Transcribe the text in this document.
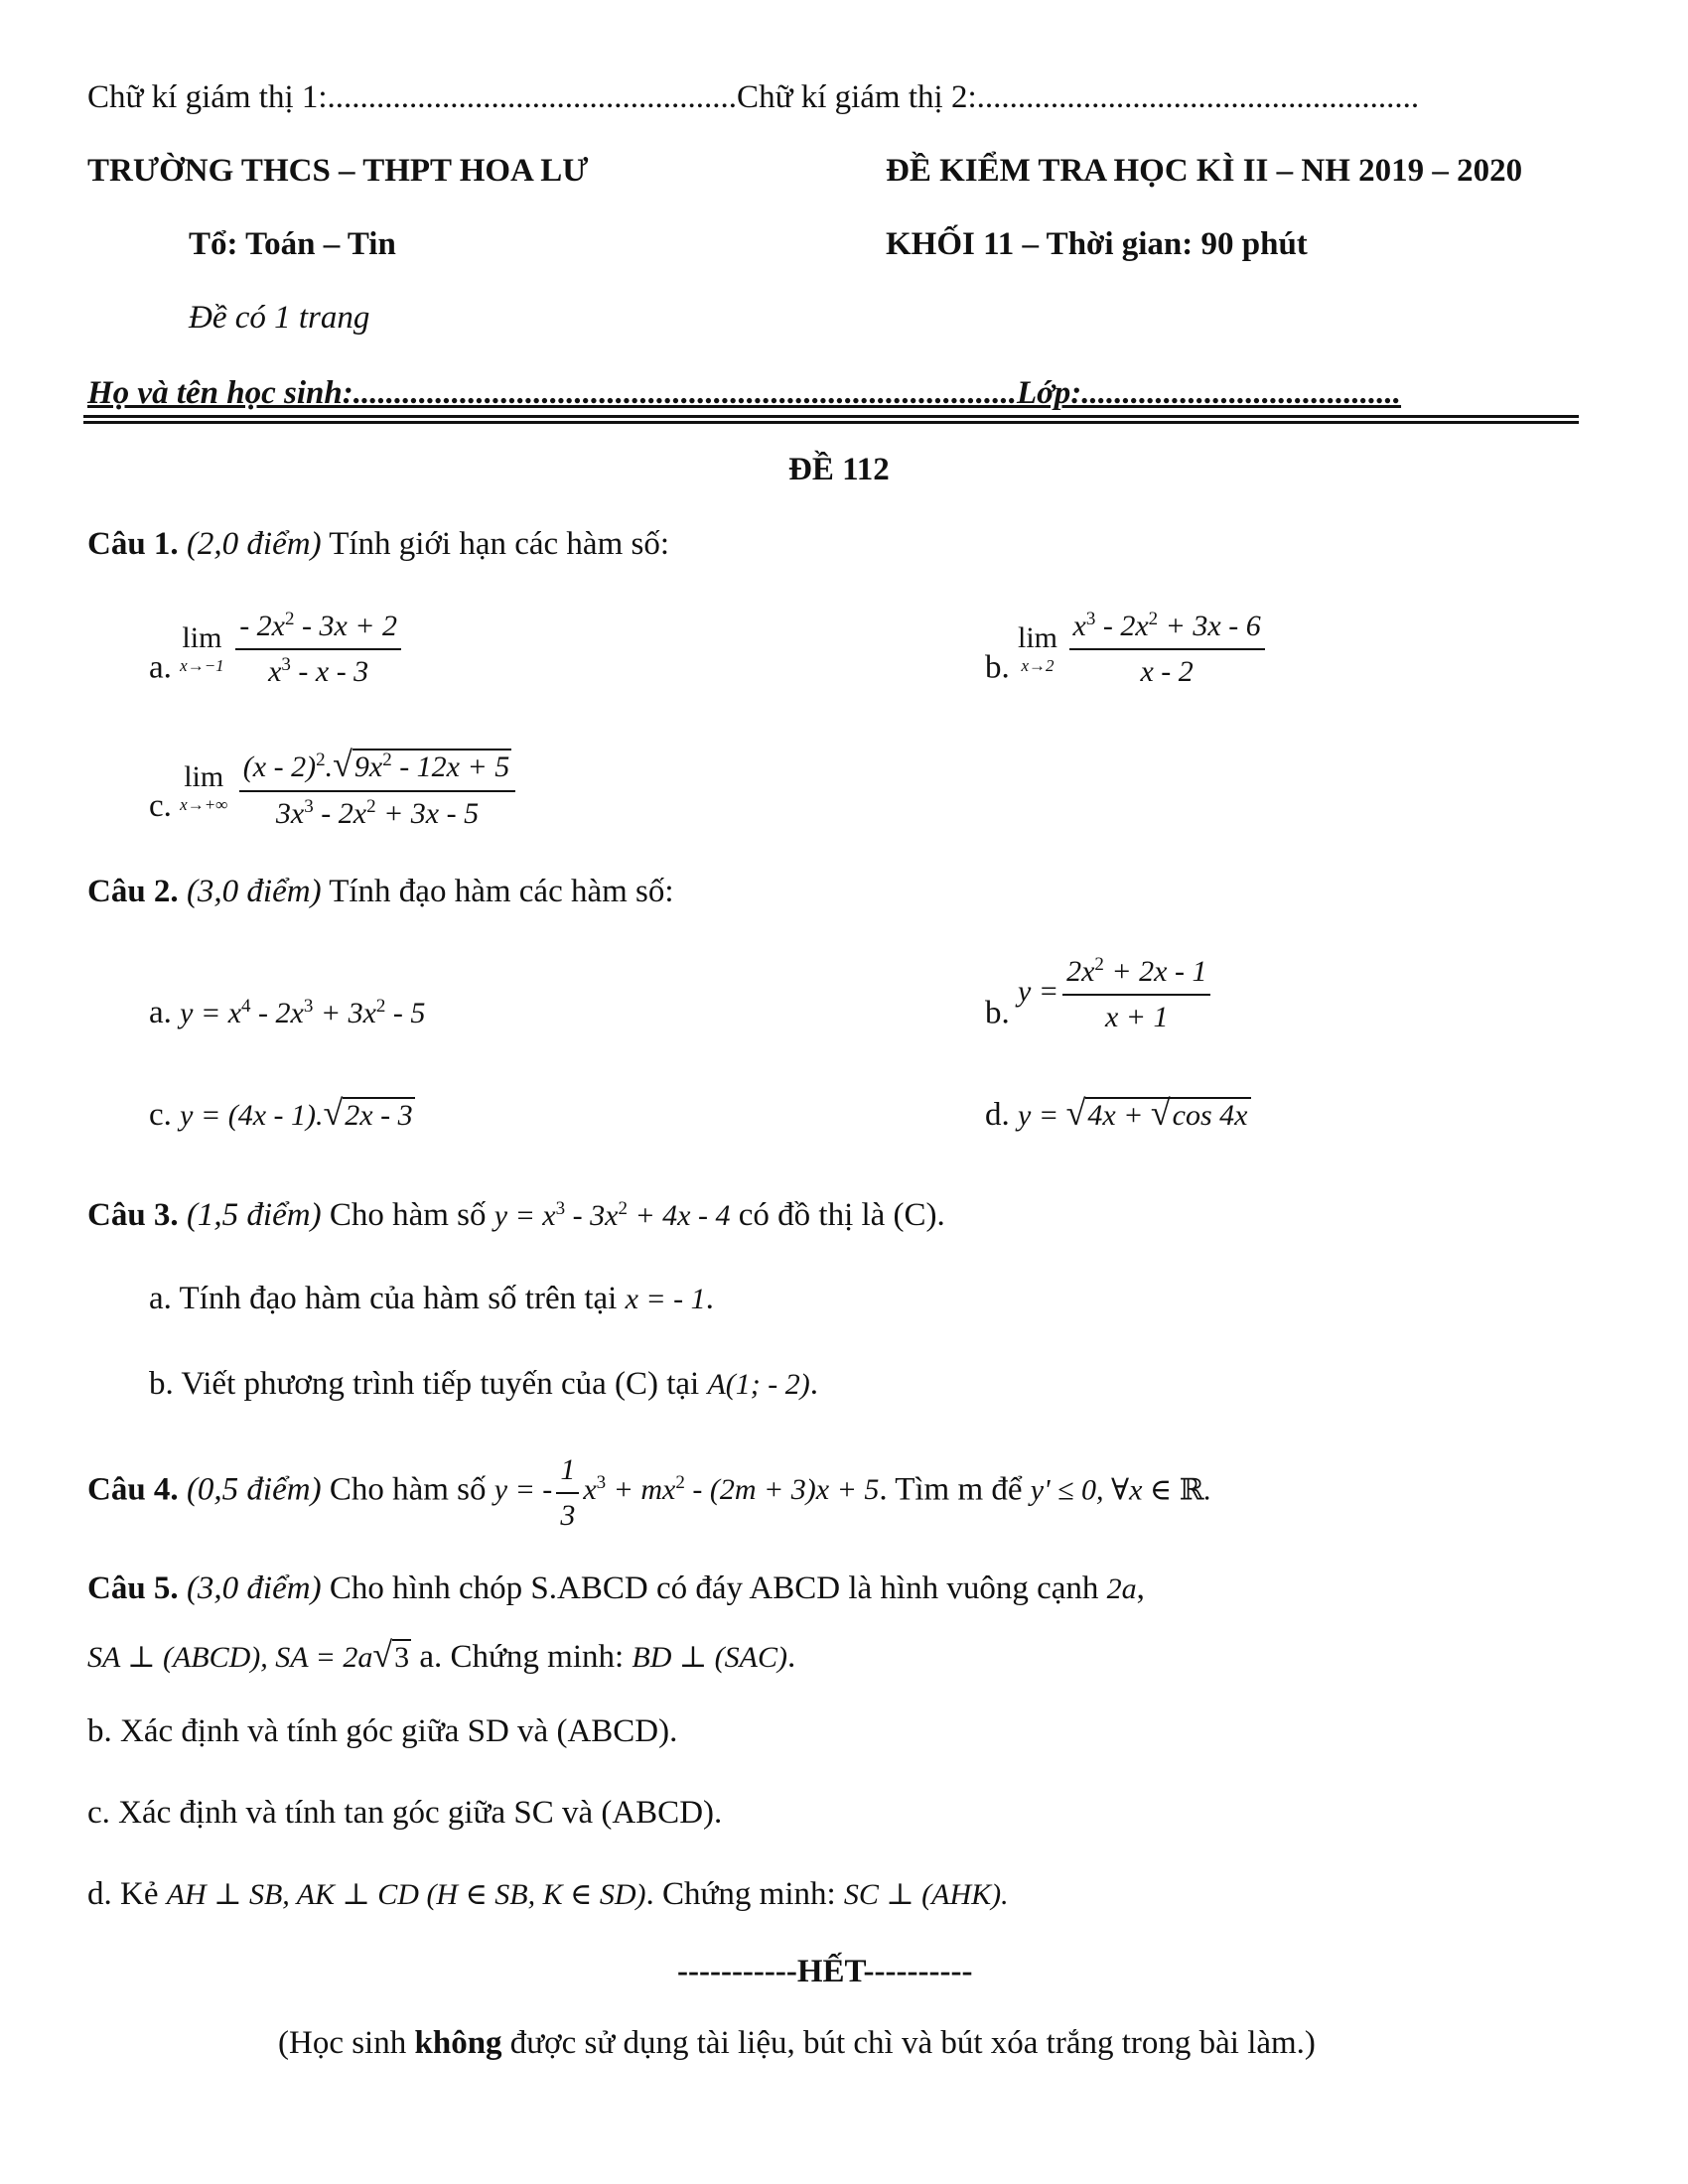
Chữ kí giám thị 1:..................................................Chữ kí giám thị 2:......................................................
TRƯỜNG THCS – THPT HOA LƯ	ĐỀ KIỂM TRA HỌC KÌ II – NH 2019 – 2020
Tổ: Toán – Tin	KHỐI 11 – Thời gian: 90 phút
Đề có 1 trang
Họ và tên học sinh:.................................................................................Lớp:.......................................
ĐỀ 112
Câu 1. (2,0 điểm) Tính giới hạn các hàm số:
a. lim
x→−1
$\frac{- 2x^2 - 3x + 2}{x^3 - x - 3}$	b. lim
x→2
$\frac{x^3 - 2x^2 + 3x - 6}{x - 2}$
c. lim
x→+∞
$\frac{(x - 2)^2.√9x^2 - 12x + 5}{3x^3 - 2x^2 + 3x - 5}$
Câu 2. (3,0 điểm) Tính đạo hàm các hàm số:
a. $y = x^4 - 2x^3 + 3x^2 - 5$	b. $y = \frac{2x^2 + 2x - 1}{x + 1}$
c. y = (4x - 1).√2x - 3	d. y = √4x + √cos 4x
Câu 3. (1,5 điểm) Cho hàm số $y = x^3 - 3x^2 + 4x - 4$ có đồ thị là (C).
a. Tính đạo hàm của hàm số trên tại x = - 1.
b. Viết phương trình tiếp tuyến của (C) tại A(1; - 2).
Câu 4. (0,5 điểm) Cho hàm số y = - $\frac{1}{3} x^3 + mx^2 - (2m + 3)x + 5$. Tìm m để y' ≤ 0, ∀x ∈ ℝ.
Câu 5. (3,0 điểm) Cho hình chóp S.ABCD có đáy ABCD là hình vuông cạnh 2a,
SA ⊥ (ABCD), SA = 2a√3 a. Chứng minh: BD ⊥ (SAC).
b. Xác định và tính góc giữa SD và (ABCD).
c. Xác định và tính tan góc giữa SC và (ABCD).
d. Kẻ AH ⊥ SB, AK ⊥ CD (H ∈ SB, K ∈ SD). Chứng minh: SC ⊥ (AHK).
-----------HẾT----------
(Học sinh không được sử dụng tài liệu, bút chì và bút xóa trắng trong bài làm.)
